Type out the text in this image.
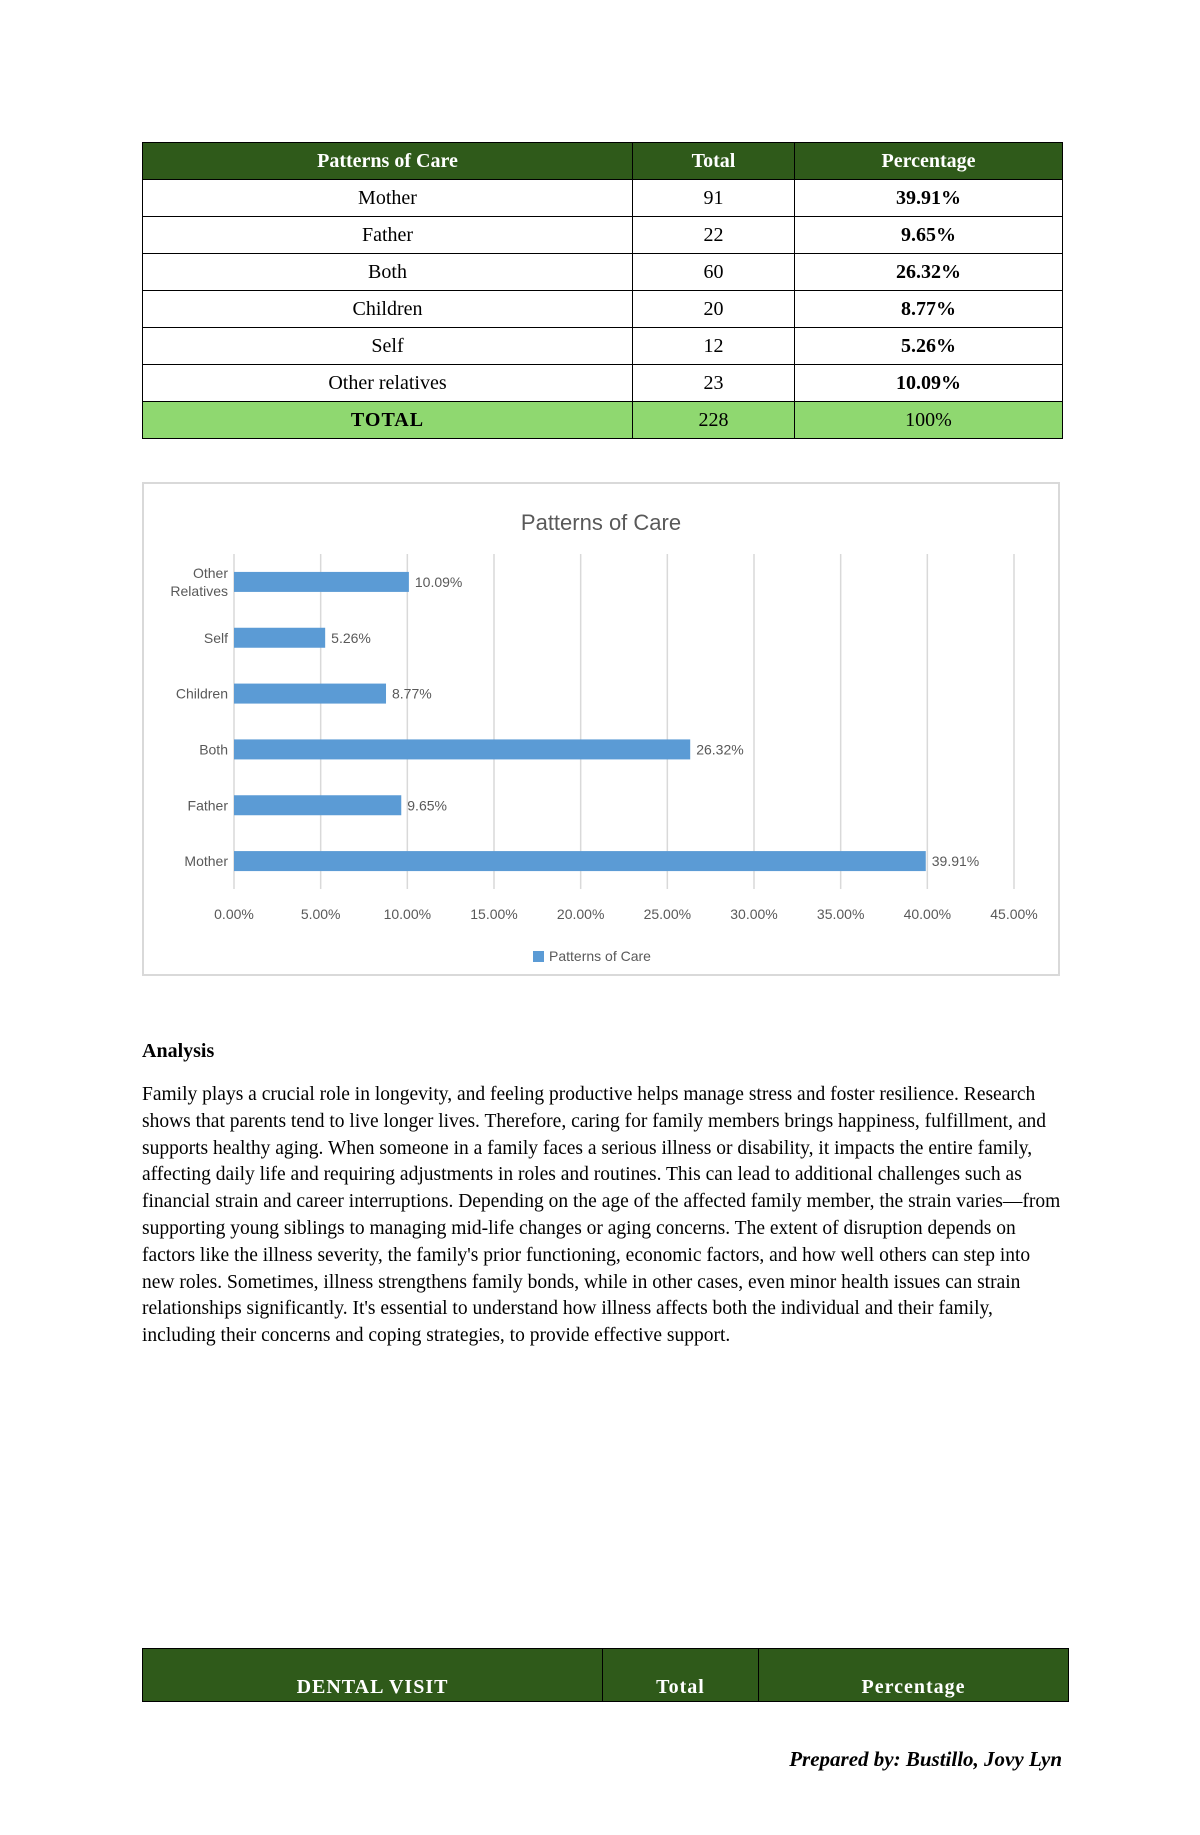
Patterns of Care	Total	Percentage
Mother	91	39.91%
Father	22	9.65%
Both	60	26.32%
Children	20	8.77%
Self	12	5.26%
Other relatives	23	10.09%
TOTAL	228	100%
Patterns of Care
0.00%	5.00%	10.00%	15.00%	20.00%	25.00%	30.00%	35.00%	40.00%	45.00%
39.91%
Mother
9.65%
Father
26.32%
Both
8.77%
Children
5.26%
Self
10.09%
Other
Relatives
Patterns of Care
Analysis

Family plays a crucial role in longevity, and feeling productive helps manage stress and foster resilience. Research shows that parents tend to live longer lives. Therefore, caring for family members brings happiness, fulfillment, and supports healthy aging. When someone in a family faces a serious illness or disability, it impacts the entire family, affecting daily life and requiring adjustments in roles and routines. This can lead to additional challenges such as financial strain and career interruptions. Depending on the age of the affected family member, the strain varies—from supporting young siblings to managing mid-life changes or aging concerns. The extent of disruption depends on factors like the illness severity, the family's prior functioning, economic factors, and how well others can step into new roles. Sometimes, illness strengthens family bonds, while in other cases, even minor health issues can strain relationships significantly. It's essential to understand how illness affects both the individual and their family, including their concerns and coping strategies, to provide effective support.

DENTAL VISIT	Total	Percentage

Prepared by: Bustillo, Jovy Lyn
